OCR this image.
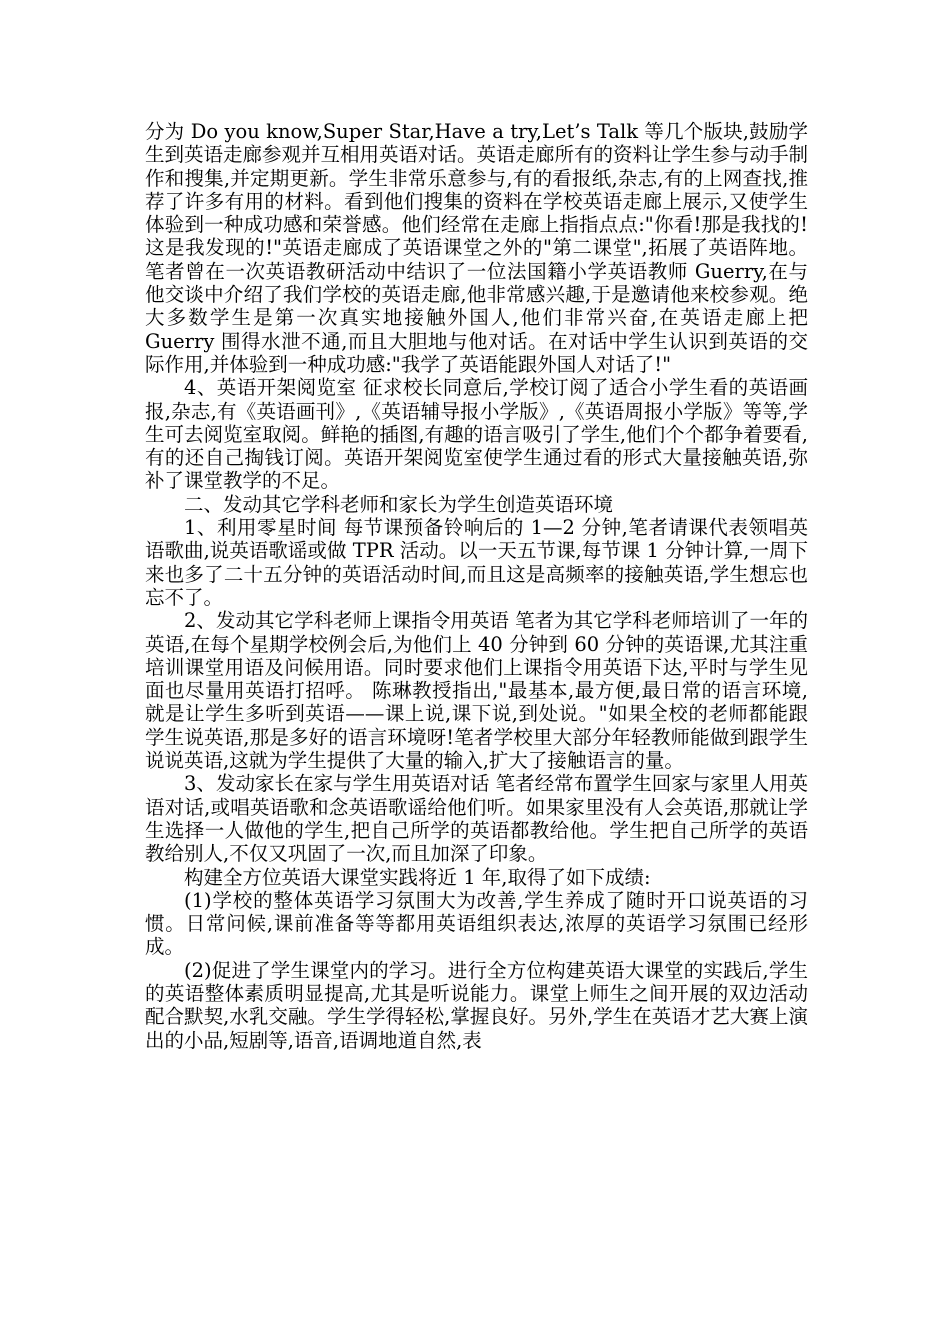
分为 Do you know,Super Star,Have a try,Let’s Talk 等几个版块,鼓励学生到英语走廊参观并互相用英语对话。英语走廊所有的资料让学生参与动手制作和搜集,并定期更新。学生非常乐意参与,有的看报纸,杂志,有的上网查找,推荐了许多有用的材料。看到他们搜集的资料在学校英语走廊上展示,又使学生体验到一种成功感和荣誉感。他们经常在走廊上指指点点:"你看!那是我找的!这是我发现的!"英语走廊成了英语课堂之外的"第二课堂",拓展了英语阵地。 笔者曾在一次英语教研活动中结识了一位法国籍小学英语教师 Guerry,在与他交谈中介绍了我们学校的英语走廊,他非常感兴趣,于是邀请他来校参观。绝大多数学生是第一次真实地接触外国人,他们非常兴奋,在英语走廊上把 Guerry 围得水泄不通,而且大胆地与他对话。在对话中学生认识到英语的交际作用,并体验到一种成功感:"我学了英语能跟外国人对话了!"

4、英语开架阅览室 征求校长同意后,学校订阅了适合小学生看的英语画报,杂志,有《英语画刊》,《英语辅导报小学版》,《英语周报小学版》等等,学生可去阅览室取阅。鲜艳的插图,有趣的语言吸引了学生,他们个个都争着要看,有的还自己掏钱订阅。英语开架阅览室使学生通过看的形式大量接触英语,弥补了课堂教学的不足。

二、发动其它学科老师和家长为学生创造英语环境

1、利用零星时间 每节课预备铃响后的 1—2 分钟,笔者请课代表领唱英语歌曲,说英语歌谣或做 TPR 活动。以一天五节课,每节课 1 分钟计算,一周下来也多了二十五分钟的英语活动时间,而且这是高频率的接触英语,学生想忘也忘不了。

2、发动其它学科老师上课指令用英语 笔者为其它学科老师培训了一年的英语,在每个星期学校例会后,为他们上 40 分钟到 60 分钟的英语课,尤其注重培训课堂用语及问候用语。同时要求他们上课指令用英语下达,平时与学生见面也尽量用英语打招呼。 陈琳教授指出,"最基本,最方便,最日常的语言环境,就是让学生多听到英语——课上说,课下说,到处说。"如果全校的老师都能跟学生说英语,那是多好的语言环境呀!笔者学校里大部分年轻教师能做到跟学生说说英语,这就为学生提供了大量的输入,扩大了接触语言的量。

3、发动家长在家与学生用英语对话 笔者经常布置学生回家与家里人用英语对话,或唱英语歌和念英语歌谣给他们听。如果家里没有人会英语,那就让学生选择一人做他的学生,把自己所学的英语都教给他。学生把自己所学的英语教给别人,不仅又巩固了一次,而且加深了印象。

构建全方位英语大课堂实践将近 1 年,取得了如下成绩:

(1)学校的整体英语学习氛围大为改善,学生养成了随时开口说英语的习惯。日常问候,课前准备等等都用英语组织表达,浓厚的英语学习氛围已经形成。

(2)促进了学生课堂内的学习。进行全方位构建英语大课堂的实践后,学生的英语整体素质明显提高,尤其是听说能力。课堂上师生之间开展的双边活动配合默契,水乳交融。学生学得轻松,掌握良好。另外,学生在英语才艺大赛上演出的小品,短剧等,语音,语调地道自然,表
